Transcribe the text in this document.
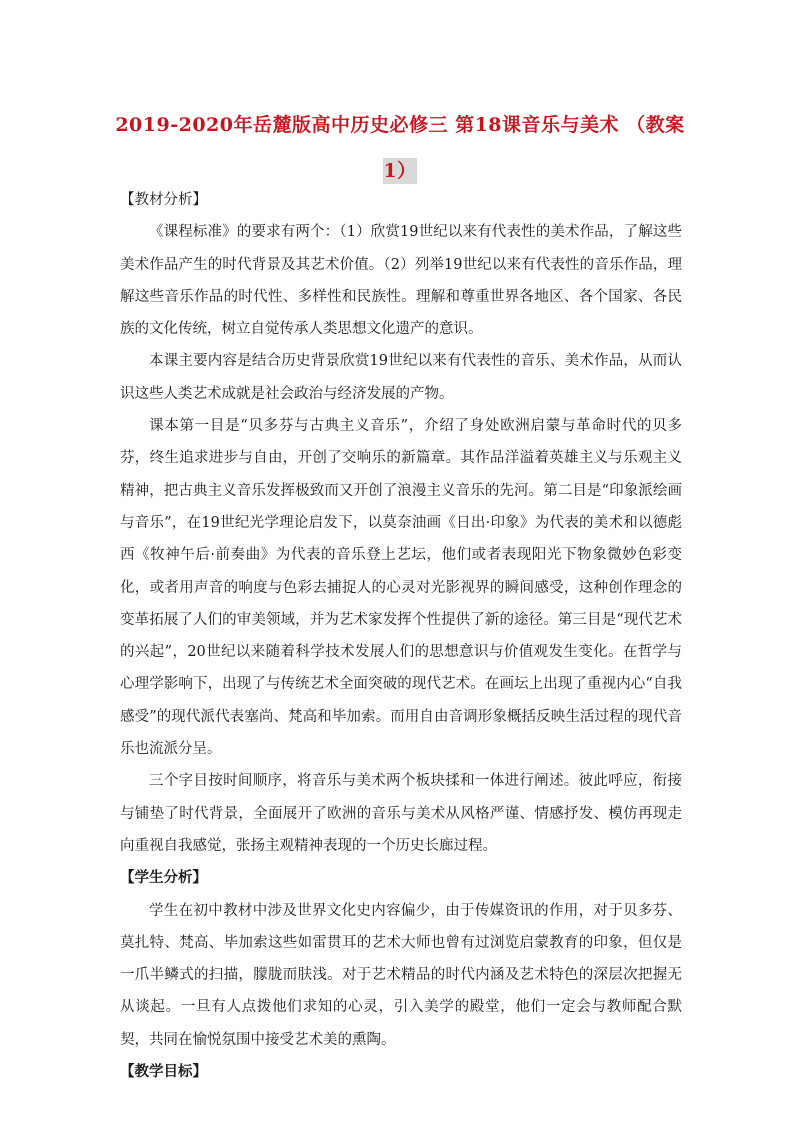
2019-2020年岳麓版高中历史必修三 第18课音乐与美术 （教案
1）
【教材分析】

《课程标准》的要求有两个：（1）欣赏19世纪以来有代表性的美术作品，了解这些美术作品产生的时代背景及其艺术价值。（2）列举19世纪以来有代表性的音乐作品，理解这些音乐作品的时代性、多样性和民族性。理解和尊重世界各地区、各个国家、各民族的文化传统，树立自觉传承人类思想文化遗产的意识。

本课主要内容是结合历史背景欣赏19世纪以来有代表性的音乐、美术作品，从而认识这些人类艺术成就是社会政治与经济发展的产物。

课本第一目是“贝多芬与古典主义音乐”，介绍了身处欧洲启蒙与革命时代的贝多芬，终生追求进步与自由，开创了交响乐的新篇章。其作品洋溢着英雄主义与乐观主义精神，把古典主义音乐发挥极致而又开创了浪漫主义音乐的先河。第二目是“印象派绘画与音乐”，在19世纪光学理论启发下，以莫奈油画《日出·印象》为代表的美术和以德彪西《牧神午后·前奏曲》为代表的音乐登上艺坛，他们或者表现阳光下物象微妙色彩变化，或者用声音的响度与色彩去捕捉人的心灵对光影视界的瞬间感受，这种创作理念的变革拓展了人们的审美领域，并为艺术家发挥个性提供了新的途径。第三目是“现代艺术的兴起”，20世纪以来随着科学技术发展人们的思想意识与价值观发生变化。在哲学与心理学影响下，出现了与传统艺术全面突破的现代艺术。在画坛上出现了重视内心“自我感受”的现代派代表塞尚、梵高和毕加索。而用自由音调形象概括反映生活过程的现代音乐也流派分呈。

三个字目按时间顺序，将音乐与美术两个板块揉和一体进行阐述。彼此呼应，衔接与铺垫了时代背景，全面展开了欧洲的音乐与美术从风格严谨、情感抒发、模仿再现走向重视自我感觉，张扬主观精神表现的一个历史长廊过程。

【学生分析】

学生在初中教材中涉及世界文化史内容偏少，由于传媒资讯的作用，对于贝多芬、莫扎特、梵高、毕加索这些如雷贯耳的艺术大师也曾有过浏览启蒙教育的印象，但仅是一爪半鳞式的扫描，朦胧而肤浅。对于艺术精品的时代内涵及艺术特色的深层次把握无从谈起。一旦有人点拨他们求知的心灵，引入美学的殿堂，他们一定会与教师配合默契，共同在愉悦氛围中接受艺术美的熏陶。

【教学目标】
